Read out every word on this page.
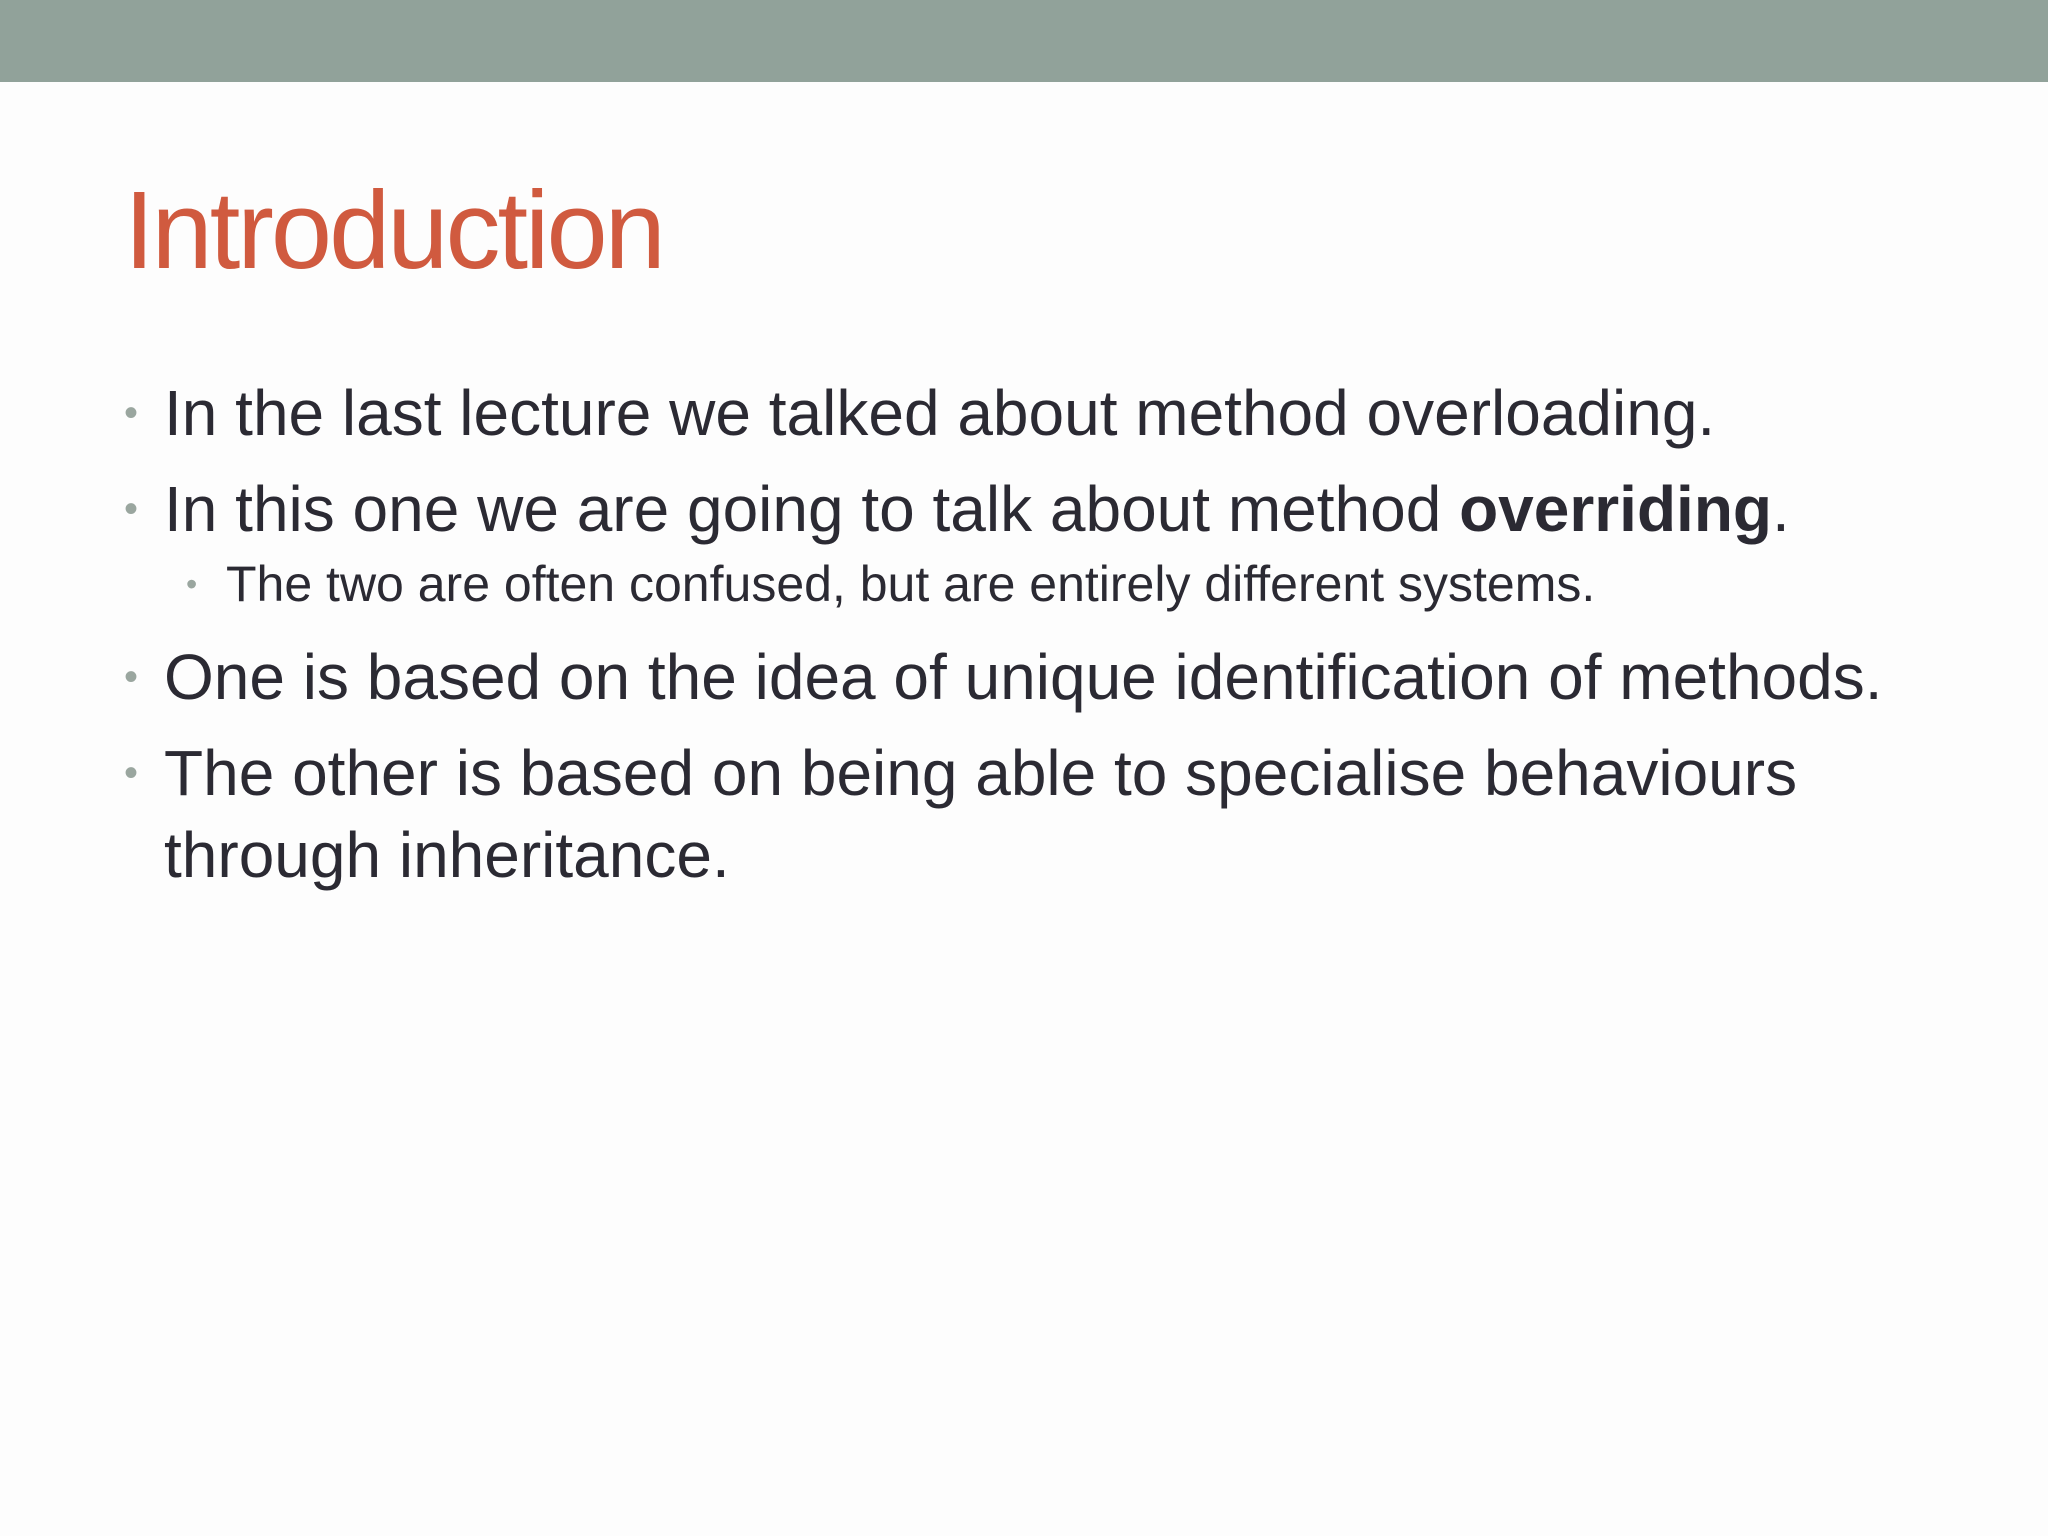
Introduction
• In the last lecture we talked about method overloading.
• In this one we are going to talk about method overriding.
• The two are often confused, but are entirely different systems.
• One is based on the idea of unique identification of methods.
• The other is based on being able to specialise behaviours through inheritance.
